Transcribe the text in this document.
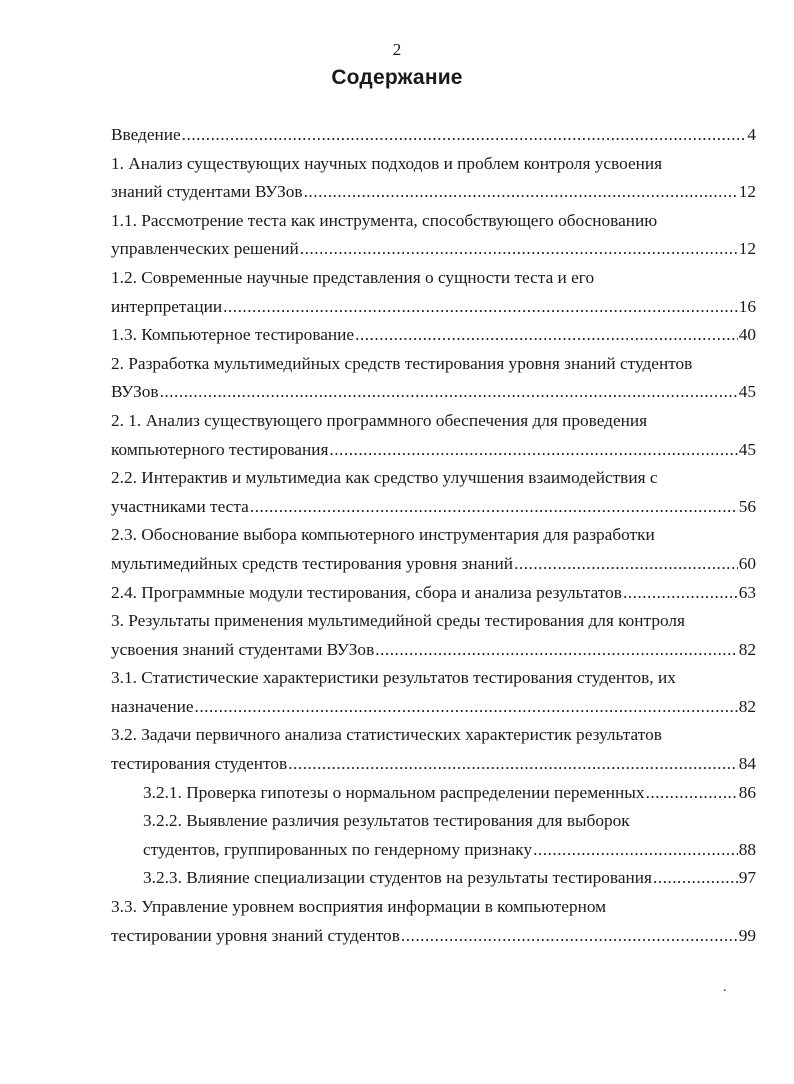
2
Содержание
Введение .....	4
1. Анализ существующих научных подходов и проблем контроля усвоения
знаний студентами ВУЗов .....	12
1.1. Рассмотрение теста как инструмента, способствующего обоснованию
управленческих решений .....	12
1.2. Современные научные представления о сущности теста и его
интерпретации .....	16
1.3. Компьютерное тестирование .....	40
2. Разработка мультимедийных средств тестирования уровня знаний студентов
ВУЗов .....	45
2. 1. Анализ существующего программного обеспечения для проведения
компьютерного тестирования .....	45
2.2. Интерактив и мультимедиа как средство улучшения взаимодействия с
участниками теста .....	56
2.3. Обоснование выбора компьютерного инструментария для разработки
мультимедийных средств тестирования уровня знаний .....	60
2.4. Программные модули тестирования, сбора и анализа результатов .....	63
3. Результаты применения мультимедийной среды тестирования для контроля
усвоения знаний студентами ВУЗов .....	82
3.1. Статистические характеристики результатов тестирования студентов, их
назначение .....	82
3.2. Задачи первичного анализа статистических характеристик результатов
тестирования студентов .....	84
3.2.1. Проверка гипотезы о нормальном распределении переменных .....	86
3.2.2. Выявление различия результатов тестирования для выборок
студентов, группированных по гендерному признаку .....	88
3.2.3. Влияние специализации студентов на результаты тестирования .....	97
3.3. Управление уровнем восприятия информации в компьютерном
тестировании уровня знаний студентов .....	99
.
